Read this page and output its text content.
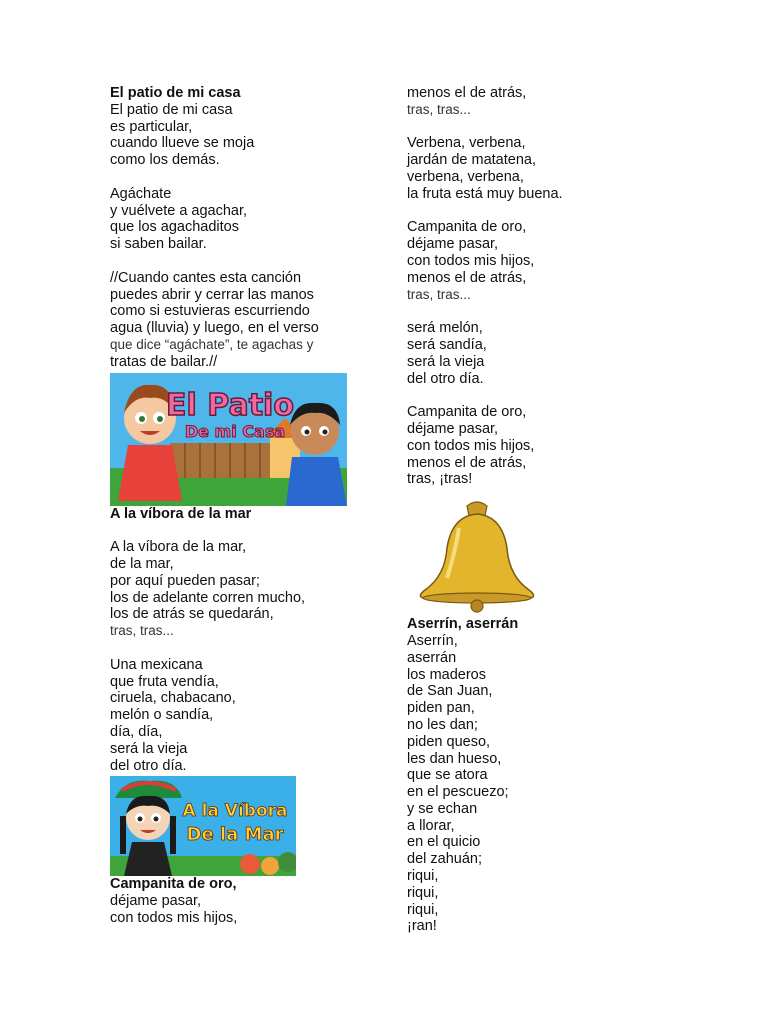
El patio de mi casa

El patio de mi casa

es particular,

cuando llueve se moja

como los demás.

Agáchate

y vuélvete a agachar,

que los agachaditos

si saben bailar.

//Cuando cantes esta canción

puedes abrir y cerrar las manos

como si estuvieras escurriendo

agua (lluvia) y luego, en el verso

que dice “agáchate”, te agachas y

tratas de bailar.//

El Patio
De mi Casa

A la víbora de la mar

A la víbora de la mar,

de la mar,

por aquí pueden pasar;

los de adelante corren mucho,

los de atrás se quedarán,

tras, tras...

Una mexicana

que fruta vendía,

ciruela, chabacano,

melón o sandía,

día, día,

será la vieja

del otro día.

A la Víbora
De la Mar

Campanita de oro,

déjame pasar,

con todos mis hijos,

menos el de atrás,

tras, tras...

Verbena, verbena,

jardán de matatena,

verbena, verbena,

la fruta está muy buena.

Campanita de oro,

déjame pasar,

con todos mis hijos,

menos el de atrás,

tras, tras...

será melón,

será sandía,

será la vieja

del otro día.

Campanita de oro,

déjame pasar,

con todos mis hijos,

menos el de atrás,

tras, ¡tras!

Aserrín, aserrán

Aserrín,

aserrán

los maderos

de San Juan,

piden pan,

no les dan;

piden queso,

les dan hueso,

que se atora

en el pescuezo;

y se echan

a llorar,

en el quicio

del zahuán;

riqui,

riqui,

riqui,

¡ran!
